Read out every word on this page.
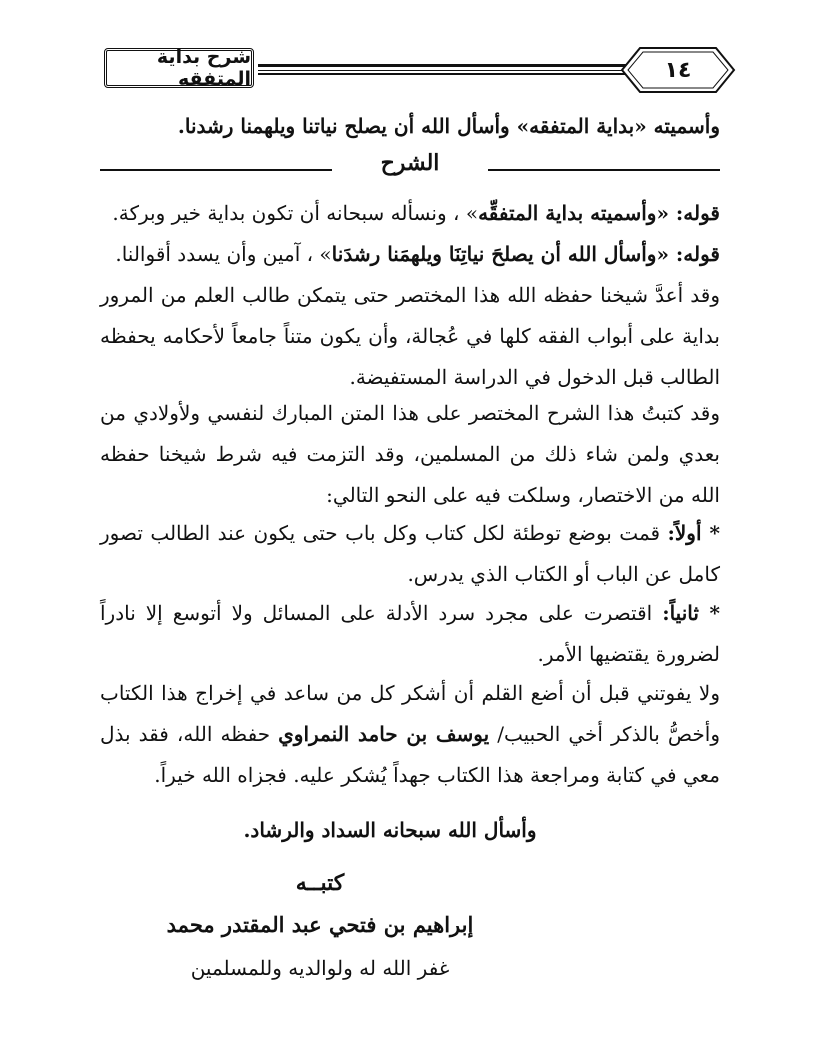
شرح بداية المتفقه	١٤
وأسميته «بداية المتفقه» وأسأل الله أن يصلح نياتنا ويلهمنا رشدنا.
الشرح
قوله: «وأسميته بداية المتفقِّه» ، ونسأله سبحانه أن تكون بداية خير وبركة.
قوله: «وأسأل الله أن يصلحَ نياتِنَا ويلهمَنا رشدَنا» ، آمين وأن يسدد أقوالنا.
وقد أعدَّ شيخنا حفظه الله هذا المختصر حتى يتمكن طالب العلم من المرور بداية على أبواب الفقه كلها في عُجالة، وأن يكون متناً جامعاً لأحكامه يحفظه الطالب قبل الدخول في الدراسة المستفيضة.
وقد كتبتُ هذا الشرح المختصر على هذا المتن المبارك لنفسي ولأولادي من بعدي ولمن شاء ذلك من المسلمين، وقد التزمت فيه شرط شيخنا حفظه الله من الاختصار، وسلكت فيه على النحو التالي:
* أولاً: قمت بوضع توطئة لكل كتاب وكل باب حتى يكون عند الطالب تصور كامل عن الباب أو الكتاب الذي يدرس.
* ثانياً: اقتصرت على مجرد سرد الأدلة على المسائل ولا أتوسع إلا نادراً لضرورة يقتضيها الأمر.
ولا يفوتني قبل أن أضع القلم أن أشكر كل من ساعد في إخراج هذا الكتاب وأخصُّ بالذكر أخي الحبيب/ يوسف بن حامد النمراوي حفظه الله، فقد بذل معي في كتابة ومراجعة هذا الكتاب جهداً يُشكر عليه. فجزاه الله خيراً.
وأسأل الله سبحانه السداد والرشاد.
كتبــه
إبراهيم بن فتحي عبد المقتدر محمد
غفر الله له ولوالديه وللمسلمين
